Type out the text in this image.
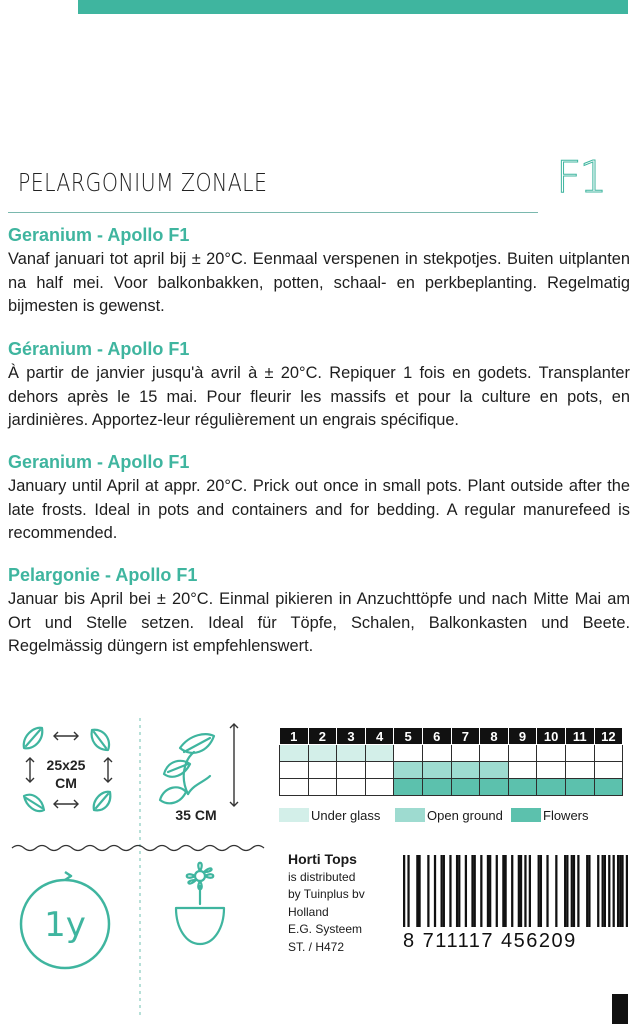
PELARGONIUM ZONALE	F1
Geranium - Apollo F1

Vanaf januari tot april bij ± 20°C. Eenmaal verspenen in stekpotjes. Buiten uitplanten na half mei. Voor balkonbakken, potten, schaal- en perkbeplanting. Regelmatig bijmesten is gewenst.

Géranium - Apollo F1

À partir de janvier jusqu'à avril à ± 20°C. Repiquer 1 fois en godets. Transplanter dehors après le 15 mai. Pour fleurir les massifs et pour la culture en pots, en jardinières. Apportez-leur régulièrement un engrais spécifique.

Geranium - Apollo F1

January until April at appr. 20°C. Prick out once in small pots. Plant outside after the late frosts. Ideal in pots and containers and for bedding. A regular manurefeed is recommended.

Pelargonie - Apollo F1

Januar bis April bei ± 20°C. Einmal pikieren in Anzuchttöpfe und nach Mitte Mai am Ort und Stelle setzen. Ideal für Töpfe, Schalen, Balkonkasten und Beete. Regelmässig düngern ist empfehlenswert.

25x25
CM
35 CM
1y
1	2	3	4	5	6	7	8	9	10	11	12

Under glass	Open ground	Flowers
Horti Tops
is distributed
by Tuinplus bv
Holland
E.G. Systeem
ST. / H472	8 711117 456209
